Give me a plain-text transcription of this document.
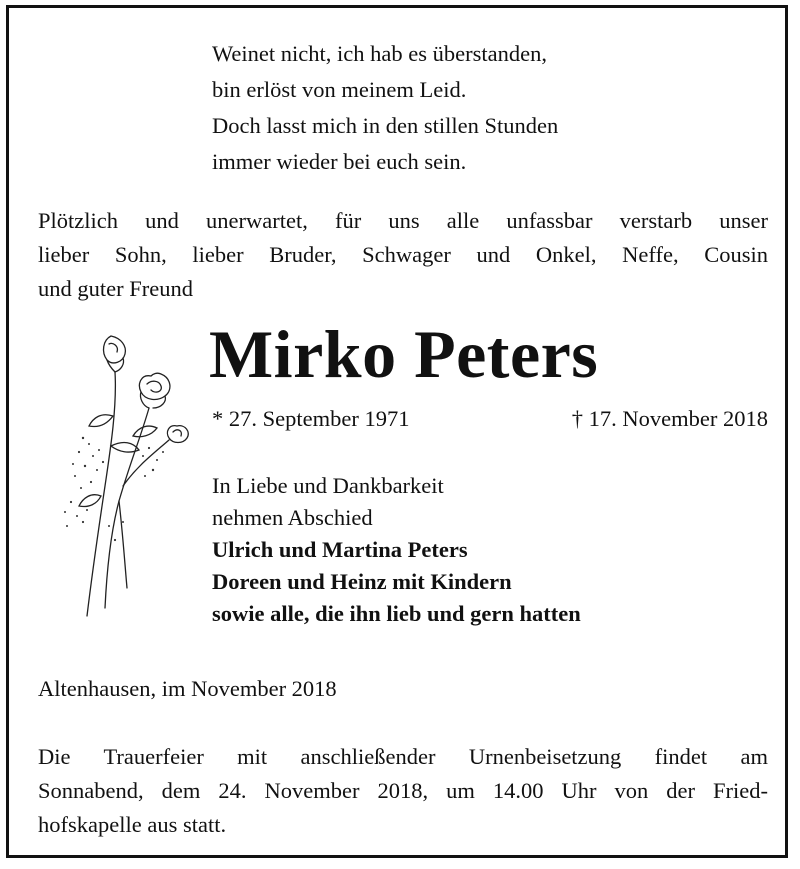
Weinet nicht, ich hab es überstanden,
bin erlöst von meinem Leid.
Doch lasst mich in den stillen Stunden
immer wieder bei euch sein.
Plötzlich und unerwartet, für uns alle unfassbar verstarb unser
lieber Sohn, lieber Bruder, Schwager und Onkel, Neffe, Cousin
und guter Freund
Mirko Peters
* 27. September 1971	† 17. November 2018
In Liebe und Dankbarkeit
nehmen Abschied
Ulrich und Martina Peters
Doreen und Heinz mit Kindern
sowie alle, die ihn lieb und gern hatten
Altenhausen, im November 2018
Die Trauerfeier mit anschließender Urnenbeisetzung findet am
Sonnabend, dem 24. November 2018, um 14.00 Uhr von der Fried-
hofskapelle aus statt.
